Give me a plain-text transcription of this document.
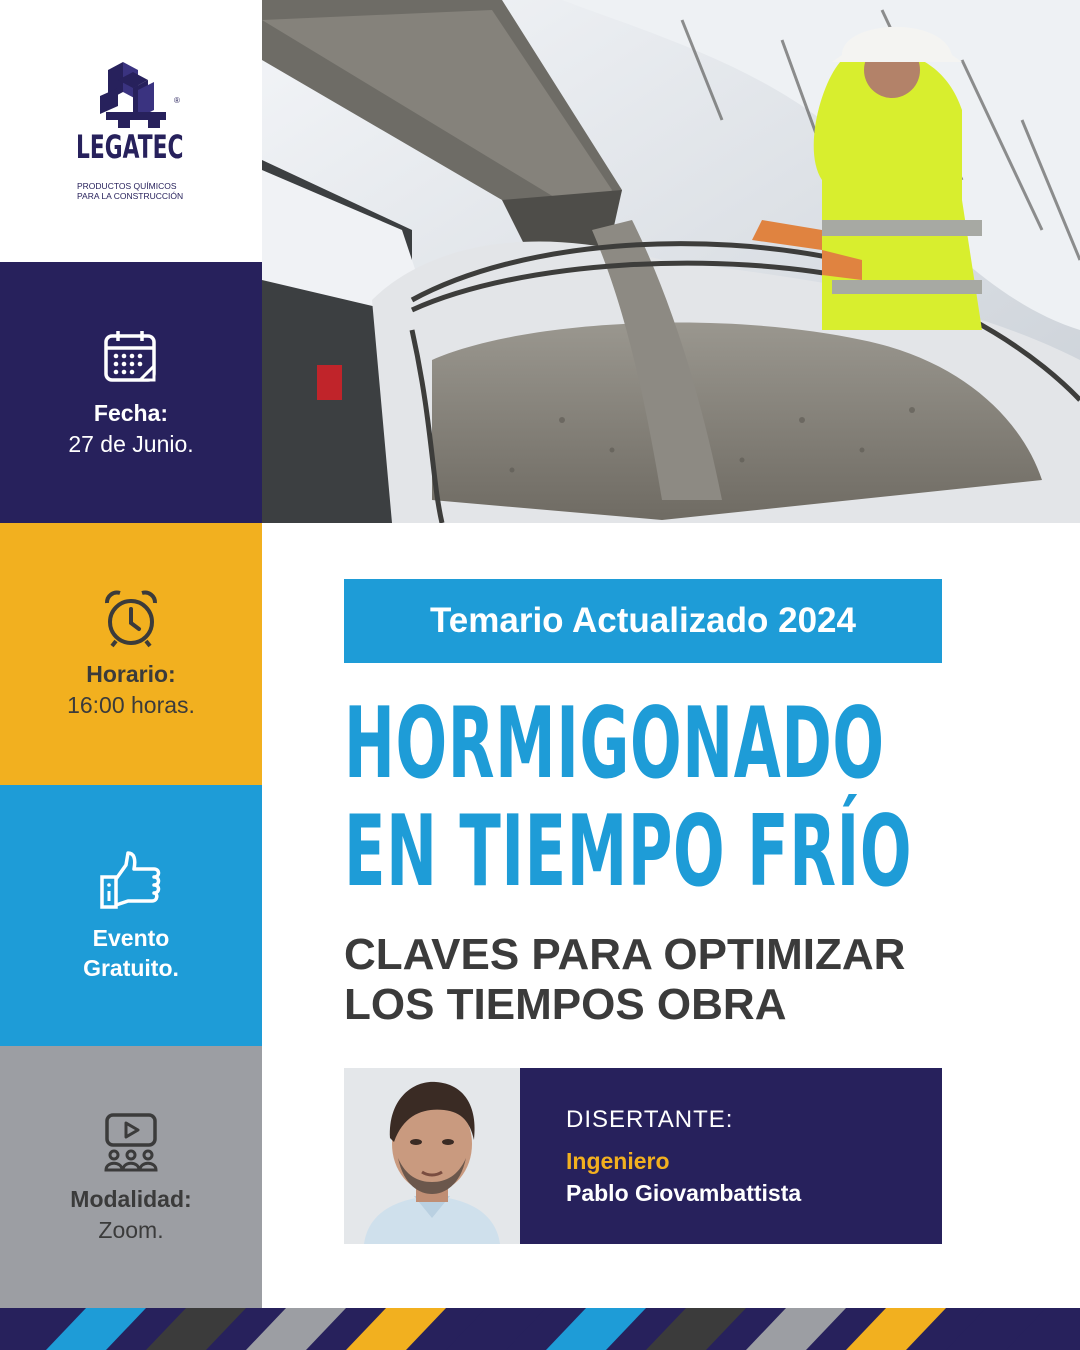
®
LEGATEC
PRODUCTOS QUÍMICOS
PARA LA CONSTRUCCIÓN
Fecha:
27 de Junio.
Horario:
16:00 horas.
Evento
Gratuito.
Modalidad:
Zoom.
Temario Actualizado 2024
HORMIGONADO
EN TIEMPO FRÍO
CLAVES PARA OPTIMIZAR
LOS TIEMPOS OBRA
DISERTANTE:
Ingeniero
Pablo Giovambattista
